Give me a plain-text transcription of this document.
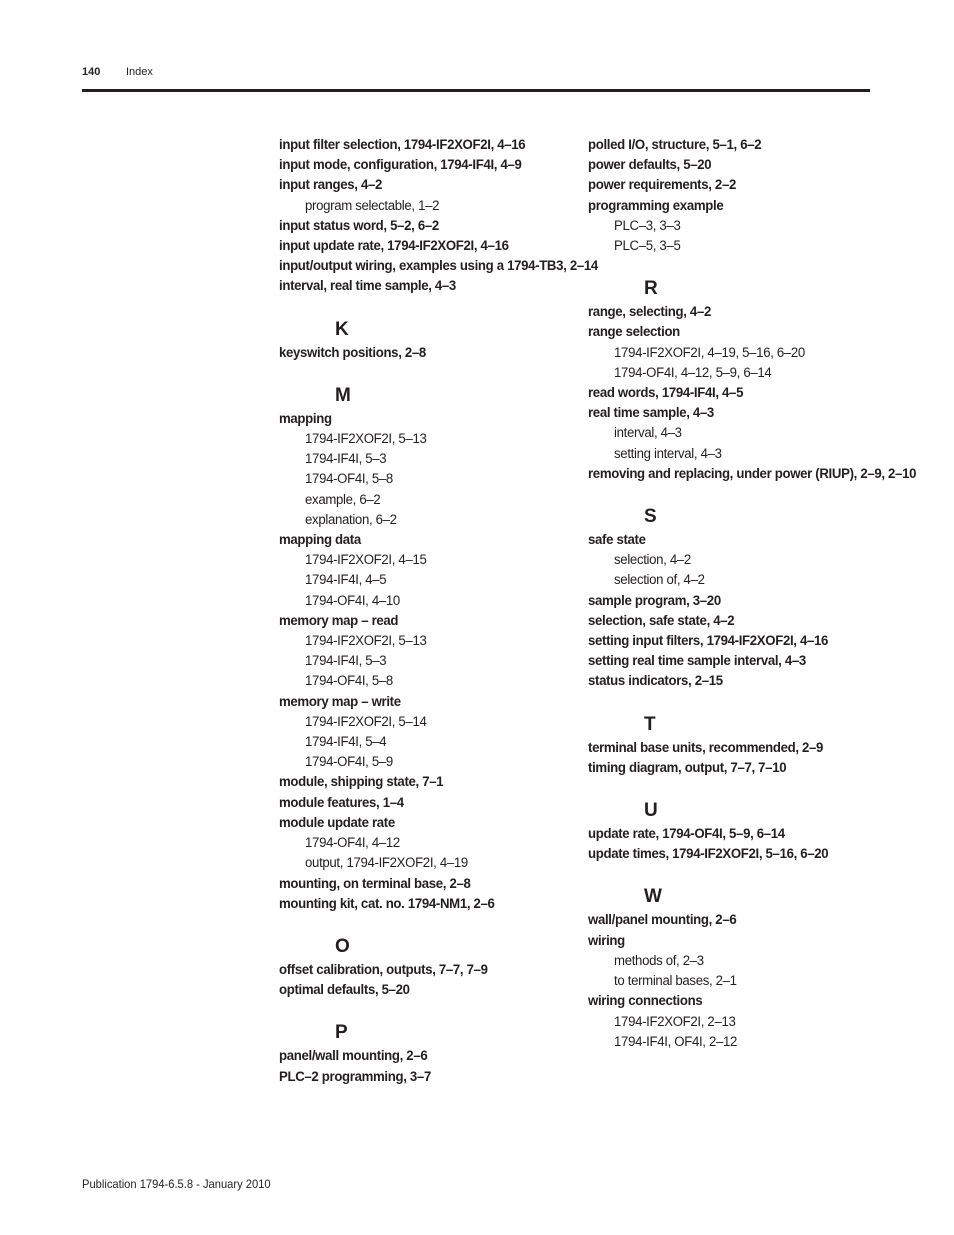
140 Index
input filter selection, 1794-IF2XOF2I, 4–16
input mode, configuration, 1794-IF4I, 4–9
input ranges, 4–2
program selectable, 1–2
input status word, 5–2, 6–2
input update rate, 1794-IF2XOF2I, 4–16
input/output wiring, examples using a 1794-TB3, 2–14
interval, real time sample, 4–3
K
keyswitch positions, 2–8
M
mapping
1794-IF2XOF2I, 5–13
1794-IF4I, 5–3
1794-OF4I, 5–8
example, 6–2
explanation, 6–2
mapping data
1794-IF2XOF2I, 4–15
1794-IF4I, 4–5
1794-OF4I, 4–10
memory map – read
1794-IF2XOF2I, 5–13
1794-IF4I, 5–3
1794-OF4I, 5–8
memory map – write
1794-IF2XOF2I, 5–14
1794-IF4I, 5–4
1794-OF4I, 5–9
module, shipping state, 7–1
module features, 1–4
module update rate
1794-OF4I, 4–12
output, 1794-IF2XOF2I, 4–19
mounting, on terminal base, 2–8
mounting kit, cat. no. 1794-NM1, 2–6
O
offset calibration, outputs, 7–7, 7–9
optimal defaults, 5–20
P
panel/wall mounting, 2–6
PLC–2 programming, 3–7
polled I/O, structure, 5–1, 6–2
power defaults, 5–20
power requirements, 2–2
programming example
PLC–3, 3–3
PLC–5, 3–5
R
range, selecting, 4–2
range selection
1794-IF2XOF2I, 4–19, 5–16, 6–20
1794-OF4I, 4–12, 5–9, 6–14
read words, 1794-IF4I, 4–5
real time sample, 4–3
interval, 4–3
setting interval, 4–3
removing and replacing, under power (RIUP), 2–9, 2–10
S
safe state
selection, 4–2
selection of, 4–2
sample program, 3–20
selection, safe state, 4–2
setting input filters, 1794-IF2XOF2I, 4–16
setting real time sample interval, 4–3
status indicators, 2–15
T
terminal base units, recommended, 2–9
timing diagram, output, 7–7, 7–10
U
update rate, 1794-OF4I, 5–9, 6–14
update times, 1794-IF2XOF2I, 5–16, 6–20
W
wall/panel mounting, 2–6
wiring
methods of, 2–3
to terminal bases, 2–1
wiring connections
1794-IF2XOF2I, 2–13
1794-IF4I, OF4I, 2–12
Publication 1794-6.5.8 - January 2010
